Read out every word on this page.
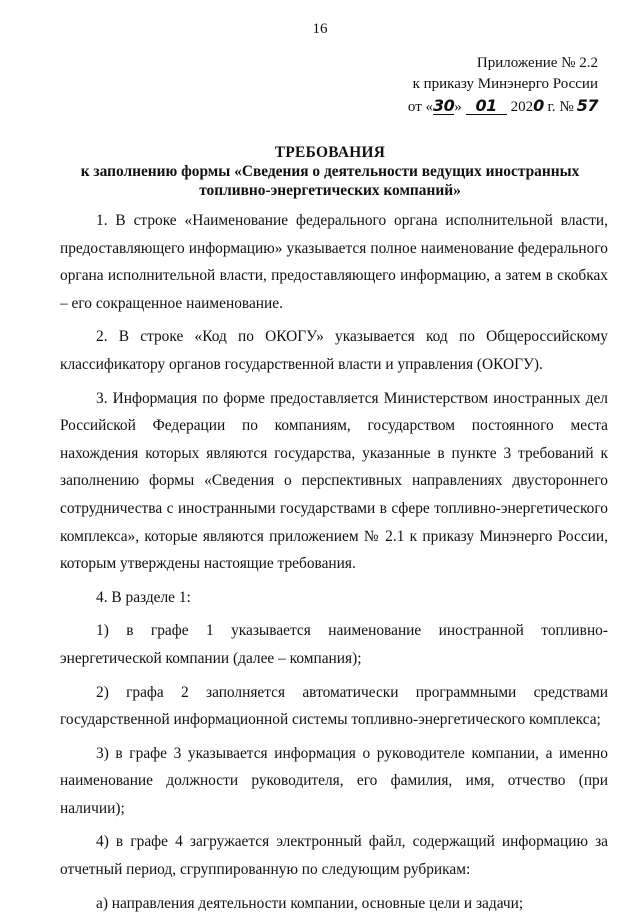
16
Приложение № 2.2
к приказу Минэнерго России
от «30» 01 2020 г. № 57
ТРЕБОВАНИЯ
к заполнению формы «Сведения о деятельности ведущих иностранных
топливно-энергетических компаний»

1. В строке «Наименование федерального органа исполнительной власти, предоставляющего информацию» указывается полное наименование федерального органа исполнительной власти, предоставляющего информацию, а затем в скобках – его сокращенное наименование.

2. В строке «Код по ОКОГУ» указывается код по Общероссийскому классификатору органов государственной власти и управления (ОКОГУ).

3. Информация по форме предоставляется Министерством иностранных дел Российской Федерации по компаниям, государством постоянного места нахождения которых являются государства, указанные в пункте 3 требований к заполнению формы «Сведения о перспективных направлениях двустороннего сотрудничества с иностранными государствами в сфере топливно-энергетического комплекса», которые являются приложением № 2.1 к приказу Минэнерго России, которым утверждены настоящие требования.

4. В разделе 1:

1) в графе 1 указывается наименование иностранной топливно-энергетической компании (далее – компания);

2) графа 2 заполняется автоматически программными средствами государственной информационной системы топливно-энергетического комплекса;

3) в графе 3 указывается информация о руководителе компании, а именно наименование должности руководителя, его фамилия, имя, отчество (при наличии);

4) в графе 4 загружается электронный файл, содержащий информацию за отчетный период, сгруппированную по следующим рубрикам:

а) направления деятельности компании, основные цели и задачи;
